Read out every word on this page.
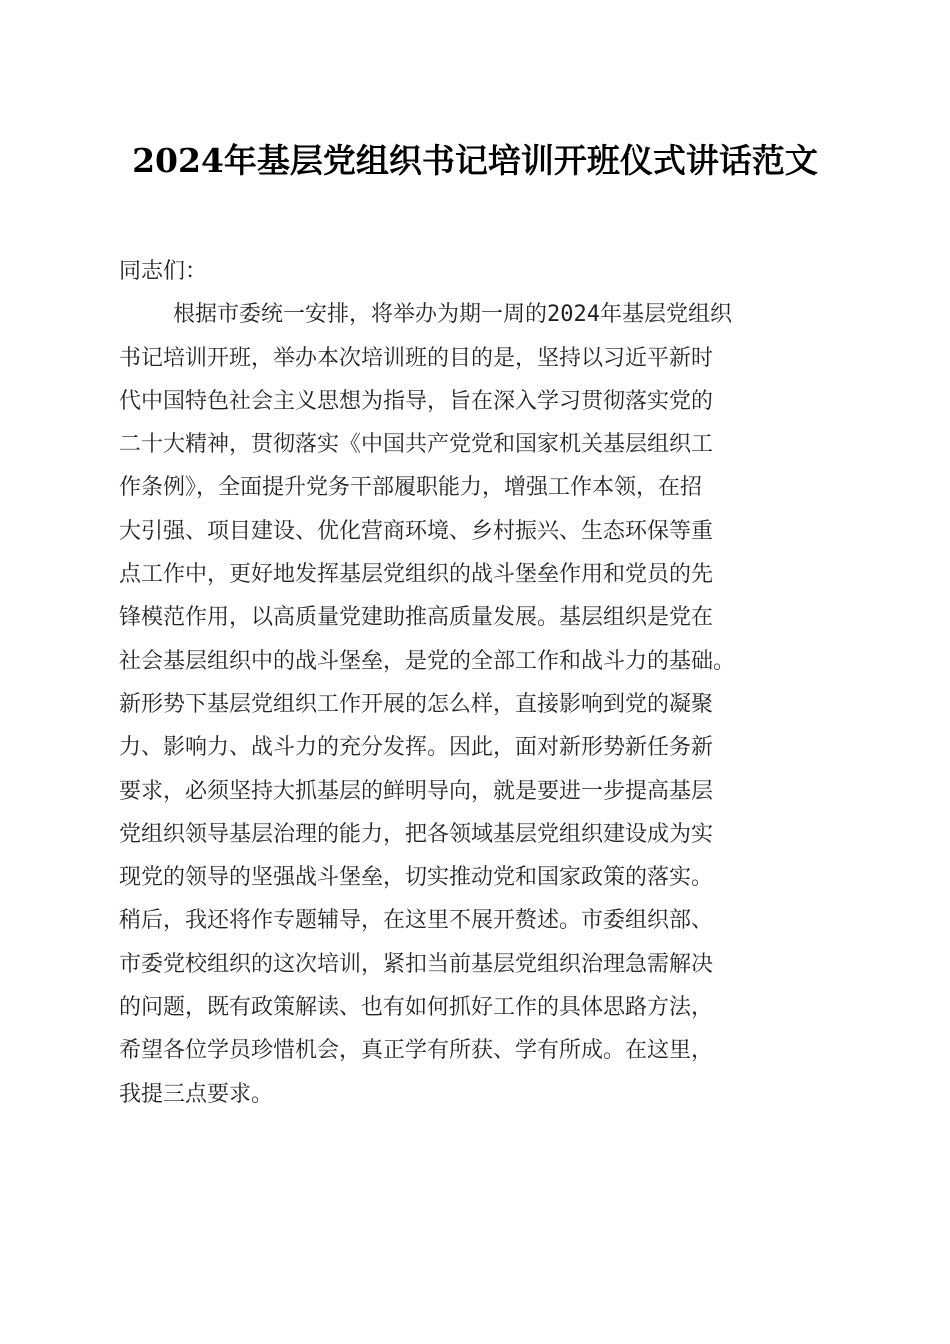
2024年基层党组织书记培训开班仪式讲话范文

同志们：

根据市委统一安排，将举办为期一周的2024年基层党组织
书记培训开班，举办本次培训班的目的是，坚持以习近平新时
代中国特色社会主义思想为指导，旨在深入学习贯彻落实党的
二十大精神，贯彻落实《中国共产党党和国家机关基层组织工
作条例》，全面提升党务干部履职能力，增强工作本领，在招
大引强、项目建设、优化营商环境、乡村振兴、生态环保等重
点工作中，更好地发挥基层党组织的战斗堡垒作用和党员的先
锋模范作用，以高质量党建助推高质量发展。基层组织是党在
社会基层组织中的战斗堡垒，是党的全部工作和战斗力的基础。
新形势下基层党组织工作开展的怎么样，直接影响到党的凝聚
力、影响力、战斗力的充分发挥。因此，面对新形势新任务新
要求，必须坚持大抓基层的鲜明导向，就是要进一步提高基层
党组织领导基层治理的能力，把各领域基层党组织建设成为实
现党的领导的坚强战斗堡垒，切实推动党和国家政策的落实。
稍后，我还将作专题辅导，在这里不展开赘述。市委组织部、
市委党校组织的这次培训，紧扣当前基层党组织治理急需解决
的问题，既有政策解读、也有如何抓好工作的具体思路方法，
希望各位学员珍惜机会，真正学有所获、学有所成。在这里，
我提三点要求。
